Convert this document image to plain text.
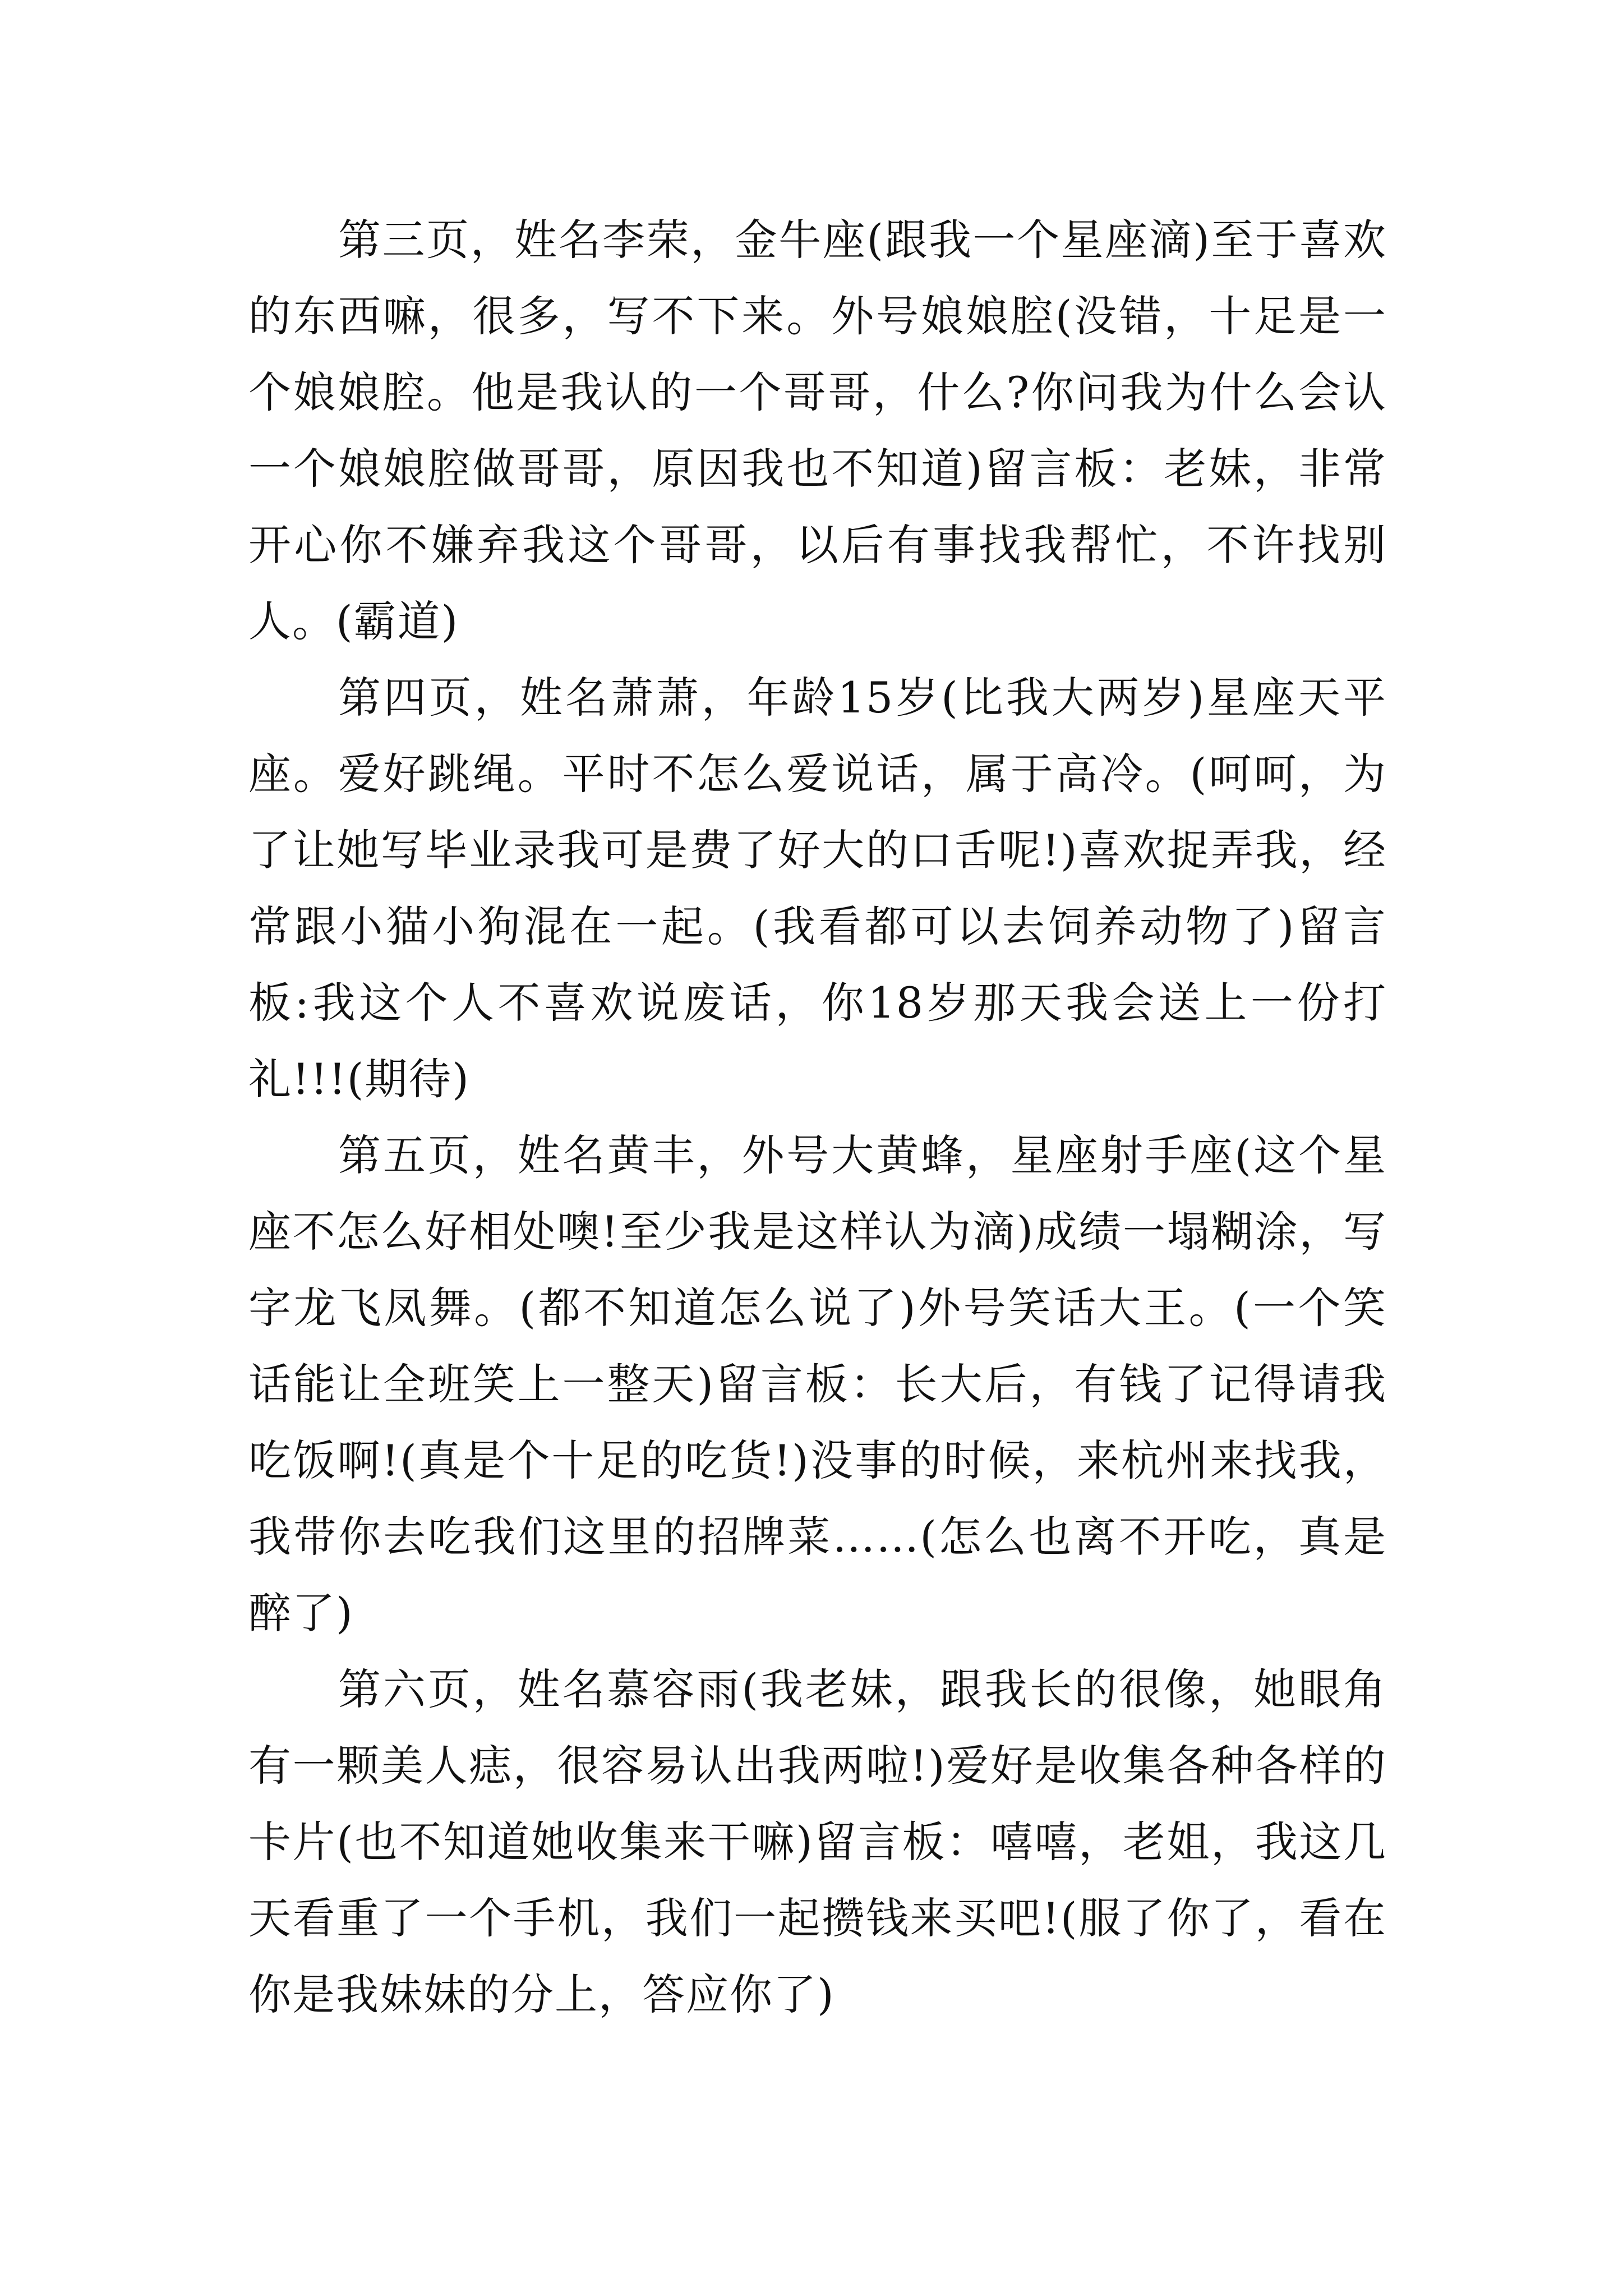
第三页，姓名李荣，金牛座(跟我一个星座滴)至于喜欢的东西嘛，很多，写不下来。外号娘娘腔(没错，十足是一个娘娘腔。他是我认的一个哥哥，什么?你问我为什么会认一个娘娘腔做哥哥，原因我也不知道)留言板：老妹，非常开心你不嫌弃我这个哥哥，以后有事找我帮忙，不许找别人。(霸道)

第四页，姓名萧萧，年龄15岁(比我大两岁)星座天平座。爱好跳绳。平时不怎么爱说话，属于高冷。(呵呵，为了让她写毕业录我可是费了好大的口舌呢!)喜欢捉弄我，经常跟小猫小狗混在一起。(我看都可以去饲养动物了)留言板:我这个人不喜欢说废话，你18岁那天我会送上一份打礼!!!(期待)

第五页，姓名黄丰，外号大黄蜂，星座射手座(这个星座不怎么好相处噢!至少我是这样认为滴)成绩一塌糊涂，写字龙飞凤舞。(都不知道怎么说了)外号笑话大王。(一个笑话能让全班笑上一整天)留言板：长大后，有钱了记得请我吃饭啊!(真是个十足的吃货!)没事的时候，来杭州来找我，我带你去吃我们这里的招牌菜……(怎么也离不开吃，真是醉了)

第六页，姓名慕容雨(我老妹，跟我长的很像，她眼角有一颗美人痣，很容易认出我两啦!)爱好是收集各种各样的卡片(也不知道她收集来干嘛)留言板：嘻嘻，老姐，我这几天看重了一个手机，我们一起攒钱来买吧!(服了你了，看在你是我妹妹的分上，答应你了)
